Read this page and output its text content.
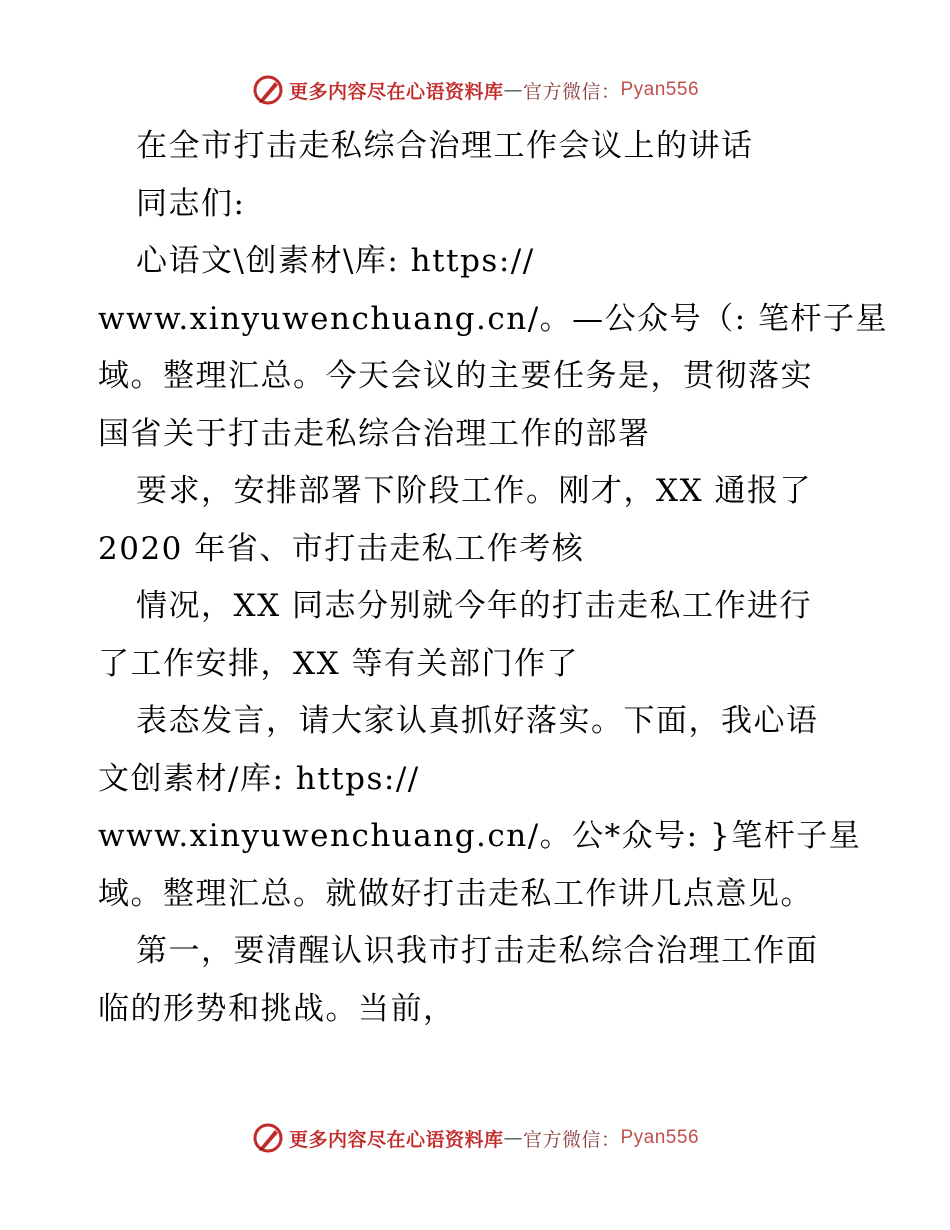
更多内容尽在心语资料库 — 官方微信： Pyan556

在全市打击走私综合治理工作会议上的讲话

同志们:

心语文\创素材\库: https://

www.xinyuwenchuang.cn/。—公众号（: 笔杆子星

域。整理汇总。今天会议的主要任务是，贯彻落实

国省关于打击走私综合治理工作的部署

要求，安排部署下阶段工作。刚才，XX 通报了

2020 年省、市打击走私工作考核

情况，XX 同志分别就今年的打击走私工作进行

了工作安排，XX 等有关部门作了

表态发言，请大家认真抓好落实。下面，我心语

文创素材/库: https://

www.xinyuwenchuang.cn/。公*众号: }笔杆子星

域。整理汇总。就做好打击走私工作讲几点意见。

第一，要清醒认识我市打击走私综合治理工作面

临的形势和挑战。当前，

更多内容尽在心语资料库 — 官方微信： Pyan556
